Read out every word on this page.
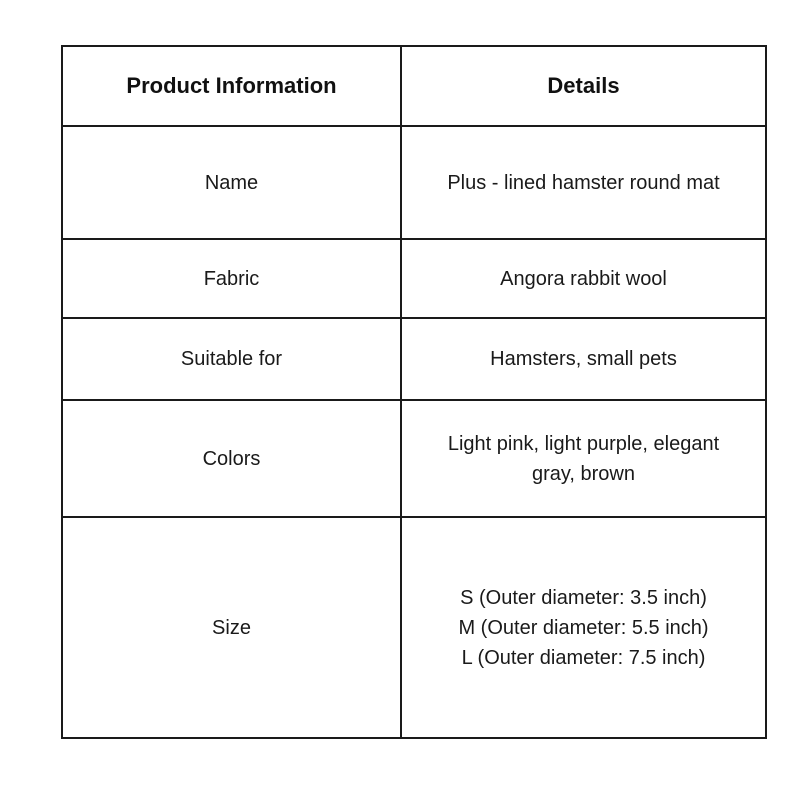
Product Information	Details
Name	Plus - lined hamster round mat
Fabric	Angora rabbit wool
Suitable for	Hamsters, small pets
Colors	Light pink, light purple, elegant gray, brown
Size	S (Outer diameter: 3.5 inch)
M (Outer diameter: 5.5 inch)
L (Outer diameter: 7.5 inch)
